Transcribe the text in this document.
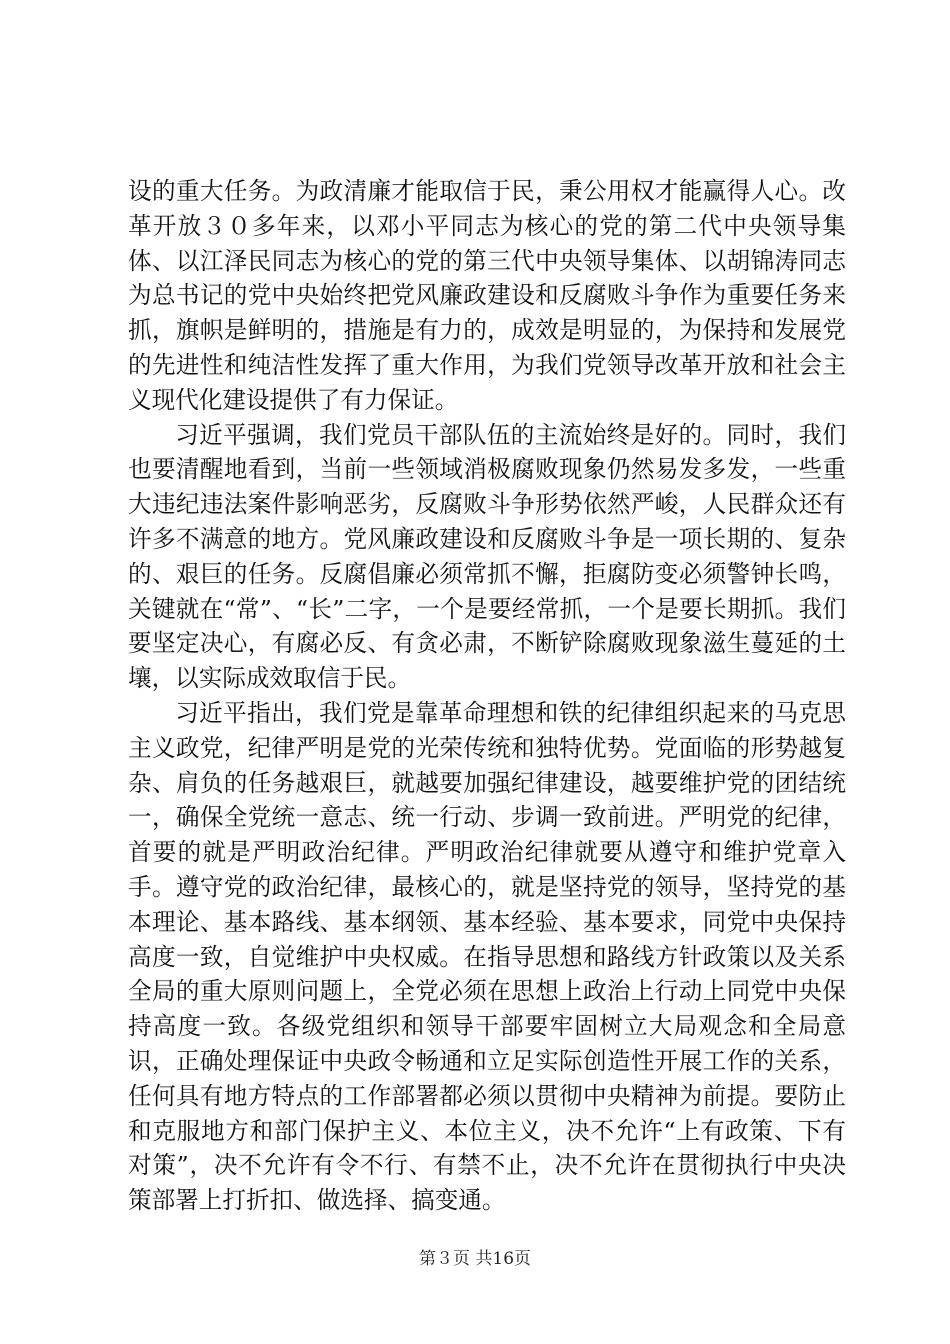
设的重大任务。为政清廉才能取信于民，秉公用权才能赢得人心。改革开放３０多年来，以邓小平同志为核心的党的第二代中央领导集体、以江泽民同志为核心的党的第三代中央领导集体、以胡锦涛同志为总书记的党中央始终把党风廉政建设和反腐败斗争作为重要任务来抓，旗帜是鲜明的，措施是有力的，成效是明显的，为保持和发展党的先进性和纯洁性发挥了重大作用，为我们党领导改革开放和社会主义现代化建设提供了有力保证。

习近平强调，我们党员干部队伍的主流始终是好的。同时，我们也要清醒地看到，当前一些领域消极腐败现象仍然易发多发，一些重大违纪违法案件影响恶劣，反腐败斗争形势依然严峻，人民群众还有许多不满意的地方。党风廉政建设和反腐败斗争是一项长期的、复杂的、艰巨的任务。反腐倡廉必须常抓不懈，拒腐防变必须警钟长鸣，关键就在“常”、“长”二字，一个是要经常抓，一个是要长期抓。我们要坚定决心，有腐必反、有贪必肃，不断铲除腐败现象滋生蔓延的土壤，以实际成效取信于民。

习近平指出，我们党是靠革命理想和铁的纪律组织起来的马克思主义政党，纪律严明是党的光荣传统和独特优势。党面临的形势越复杂、肩负的任务越艰巨，就越要加强纪律建设，越要维护党的团结统一，确保全党统一意志、统一行动、步调一致前进。严明党的纪律，首要的就是严明政治纪律。严明政治纪律就要从遵守和维护党章入手。遵守党的政治纪律，最核心的，就是坚持党的领导，坚持党的基本理论、基本路线、基本纲领、基本经验、基本要求，同党中央保持高度一致，自觉维护中央权威。在指导思想和路线方针政策以及关系全局的重大原则问题上，全党必须在思想上政治上行动上同党中央保持高度一致。各级党组织和领导干部要牢固树立大局观念和全局意识，正确处理保证中央政令畅通和立足实际创造性开展工作的关系，任何具有地方特点的工作部署都必须以贯彻中央精神为前提。要防止和克服地方和部门保护主义、本位主义，决不允许“上有政策、下有对策”，决不允许有令不行、有禁不止，决不允许在贯彻执行中央决策部署上打折扣、做选择、搞变通。

第３页 共16页
